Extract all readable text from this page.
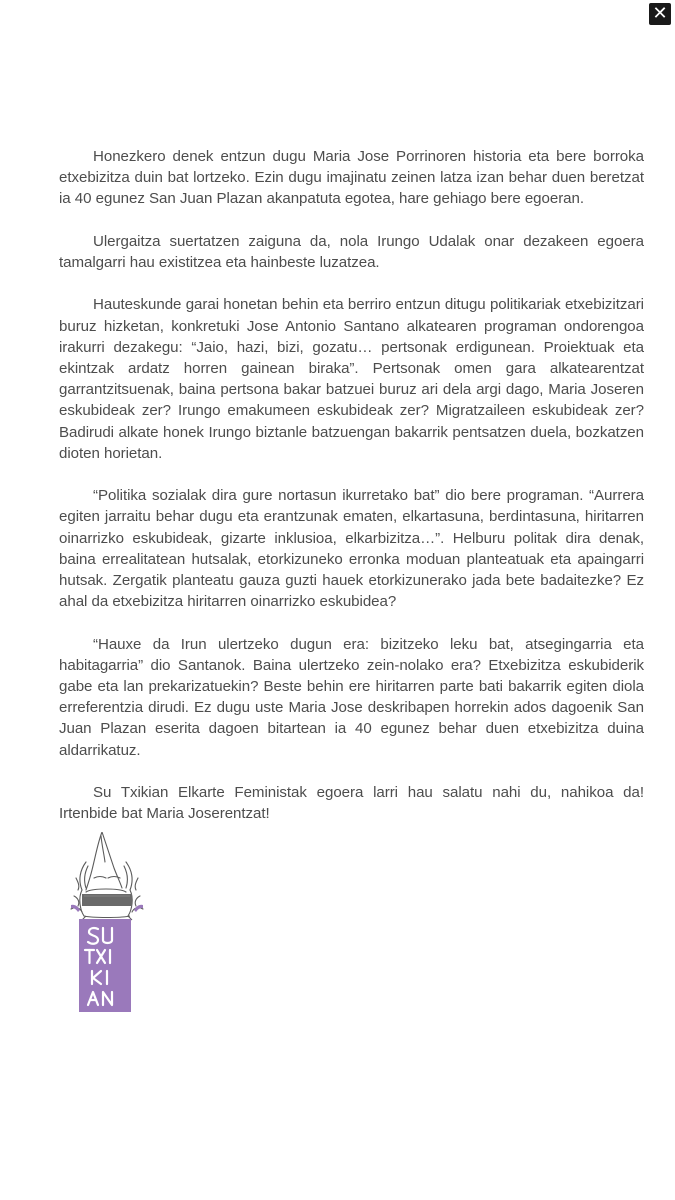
✕

Honezkero denek entzun dugu Maria Jose Porrinoren historia eta bere borroka etxebizitza duin bat lortzeko. Ezin dugu imajinatu zeinen latza izan behar duen beretzat ia 40 egunez San Juan Plazan akanpatuta egotea, hare gehiago bere egoeran.

Ulergaitza suertatzen zaiguna da, nola Irungo Udalak onar dezakeen egoera tamalgarri hau existitzea eta hainbeste luzatzea.

Hauteskunde garai honetan behin eta berriro entzun ditugu politikariak etxebizitzari buruz hizketan, konkretuki Jose Antonio Santano alkatearen programan ondorengoa irakurri dezakegu: “Jaio, hazi, bizi, gozatu… pertsonak erdigunean. Proiektuak eta ekintzak ardatz horren gainean biraka”. Pertsonak omen gara alkatearentzat garrantzitsuenak, baina pertsona bakar batzuei buruz ari dela argi dago, Maria Joseren eskubideak zer? Irungo emakumeen eskubideak zer? Migratzaileen eskubideak zer? Badirudi alkate honek Irungo biztanle batzuengan bakarrik pentsatzen duela, bozkatzen dioten horietan.

“Politika sozialak dira gure nortasun ikurretako bat” dio bere programan. “Aurrera egiten jarraitu behar dugu eta erantzunak ematen, elkartasuna, berdintasuna, hiritarren oinarrizko eskubideak, gizarte inklusioa, elkarbizitza…”. Helburu politak dira denak, baina errealitatean hutsalak, etorkizuneko erronka moduan planteatuak eta apaingarri hutsak. Zergatik planteatu gauza guzti hauek etorkizunerako jada bete badaitezke? Ez ahal da etxebizitza hiritarren oinarrizko eskubidea?

“Hauxe da Irun ulertzeko dugun era: bizitzeko leku bat, atsegingarria eta habitagarria” dio Santanok. Baina ulertzeko zein-nolako era? Etxebizitza eskubiderik gabe eta lan prekarizatuekin? Beste behin ere hiritarren parte bati bakarrik egiten diola erreferentzia dirudi. Ez dugu uste Maria Jose deskribapen horrekin ados dagoenik San Juan Plazan eserita dagoen bitartean ia 40 egunez behar duen etxebizitza duina aldarrikatuz.

Su Txikian Elkarte Feministak egoera larri hau salatu nahi du, nahikoa da! Irtenbide bat Maria Joserentzat!
